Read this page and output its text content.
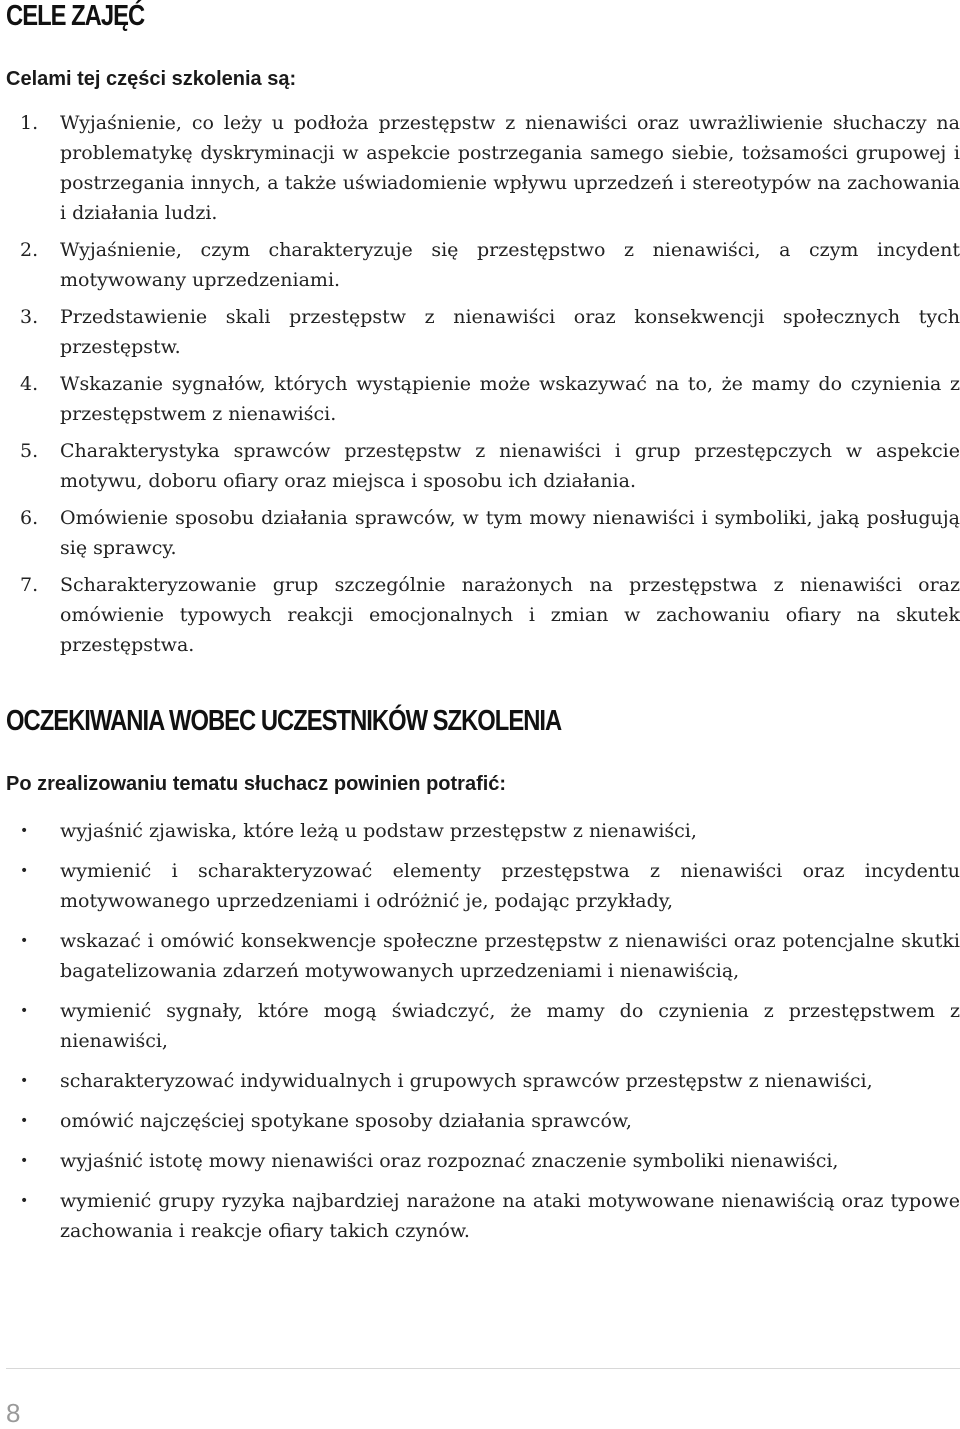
CELE ZAJĘĆ

Celami tej części szkolenia są:

1. Wyjaśnienie, co leży u podłoża przestępstw z nienawiści oraz uwrażliwienie słuchaczy na problematykę dyskryminacji w aspekcie postrzegania samego siebie, tożsamości grupowej i postrzegania innych, a także uświadomienie wpływu uprzedzeń i stereotypów na zachowania i działania ludzi.
2. Wyjaśnienie, czym charakteryzuje się przestępstwo z nienawiści, a czym incydent motywowany uprzedzeniami.
3. Przedstawienie skali przestępstw z nienawiści oraz konsekwencji społecznych tych przestępstw.
4. Wskazanie sygnałów, których wystąpienie może wskazywać na to, że mamy do czynienia z przestępstwem z nienawiści.
5. Charakterystyka sprawców przestępstw z nienawiści i grup przestępczych w aspekcie motywu, doboru ofiary oraz miejsca i sposobu ich działania.
6. Omówienie sposobu działania sprawców, w tym mowy nienawiści i symboliki, jaką posługują się sprawcy.
7. Scharakteryzowanie grup szczególnie narażonych na przestępstwa z nienawiści oraz omówienie typowych reakcji emocjonalnych i zmian w zachowaniu ofiary na skutek przestępstwa.
OCZEKIWANIA WOBEC UCZESTNIKÓW SZKOLENIA

Po zrealizowaniu tematu słuchacz powinien potrafić:

• wyjaśnić zjawiska, które leżą u podstaw przestępstw z nienawiści,
• wymienić i scharakteryzować elementy przestępstwa z nienawiści oraz incydentu motywowanego uprzedzeniami i odróżnić je, podając przykłady,
• wskazać i omówić konsekwencje społeczne przestępstw z nienawiści oraz potencjalne skutki bagatelizowania zdarzeń motywowanych uprzedzeniami i nienawiścią,
• wymienić sygnały, które mogą świadczyć, że mamy do czynienia z przestępstwem z nienawiści,
• scharakteryzować indywidualnych i grupowych sprawców przestępstw z nienawiści,
• omówić najczęściej spotykane sposoby działania sprawców,
• wyjaśnić istotę mowy nienawiści oraz rozpoznać znaczenie symboliki nienawiści,
• wymienić grupy ryzyka najbardziej narażone na ataki motywowane nienawiścią oraz typowe zachowania i reakcje ofiary takich czynów.
8
